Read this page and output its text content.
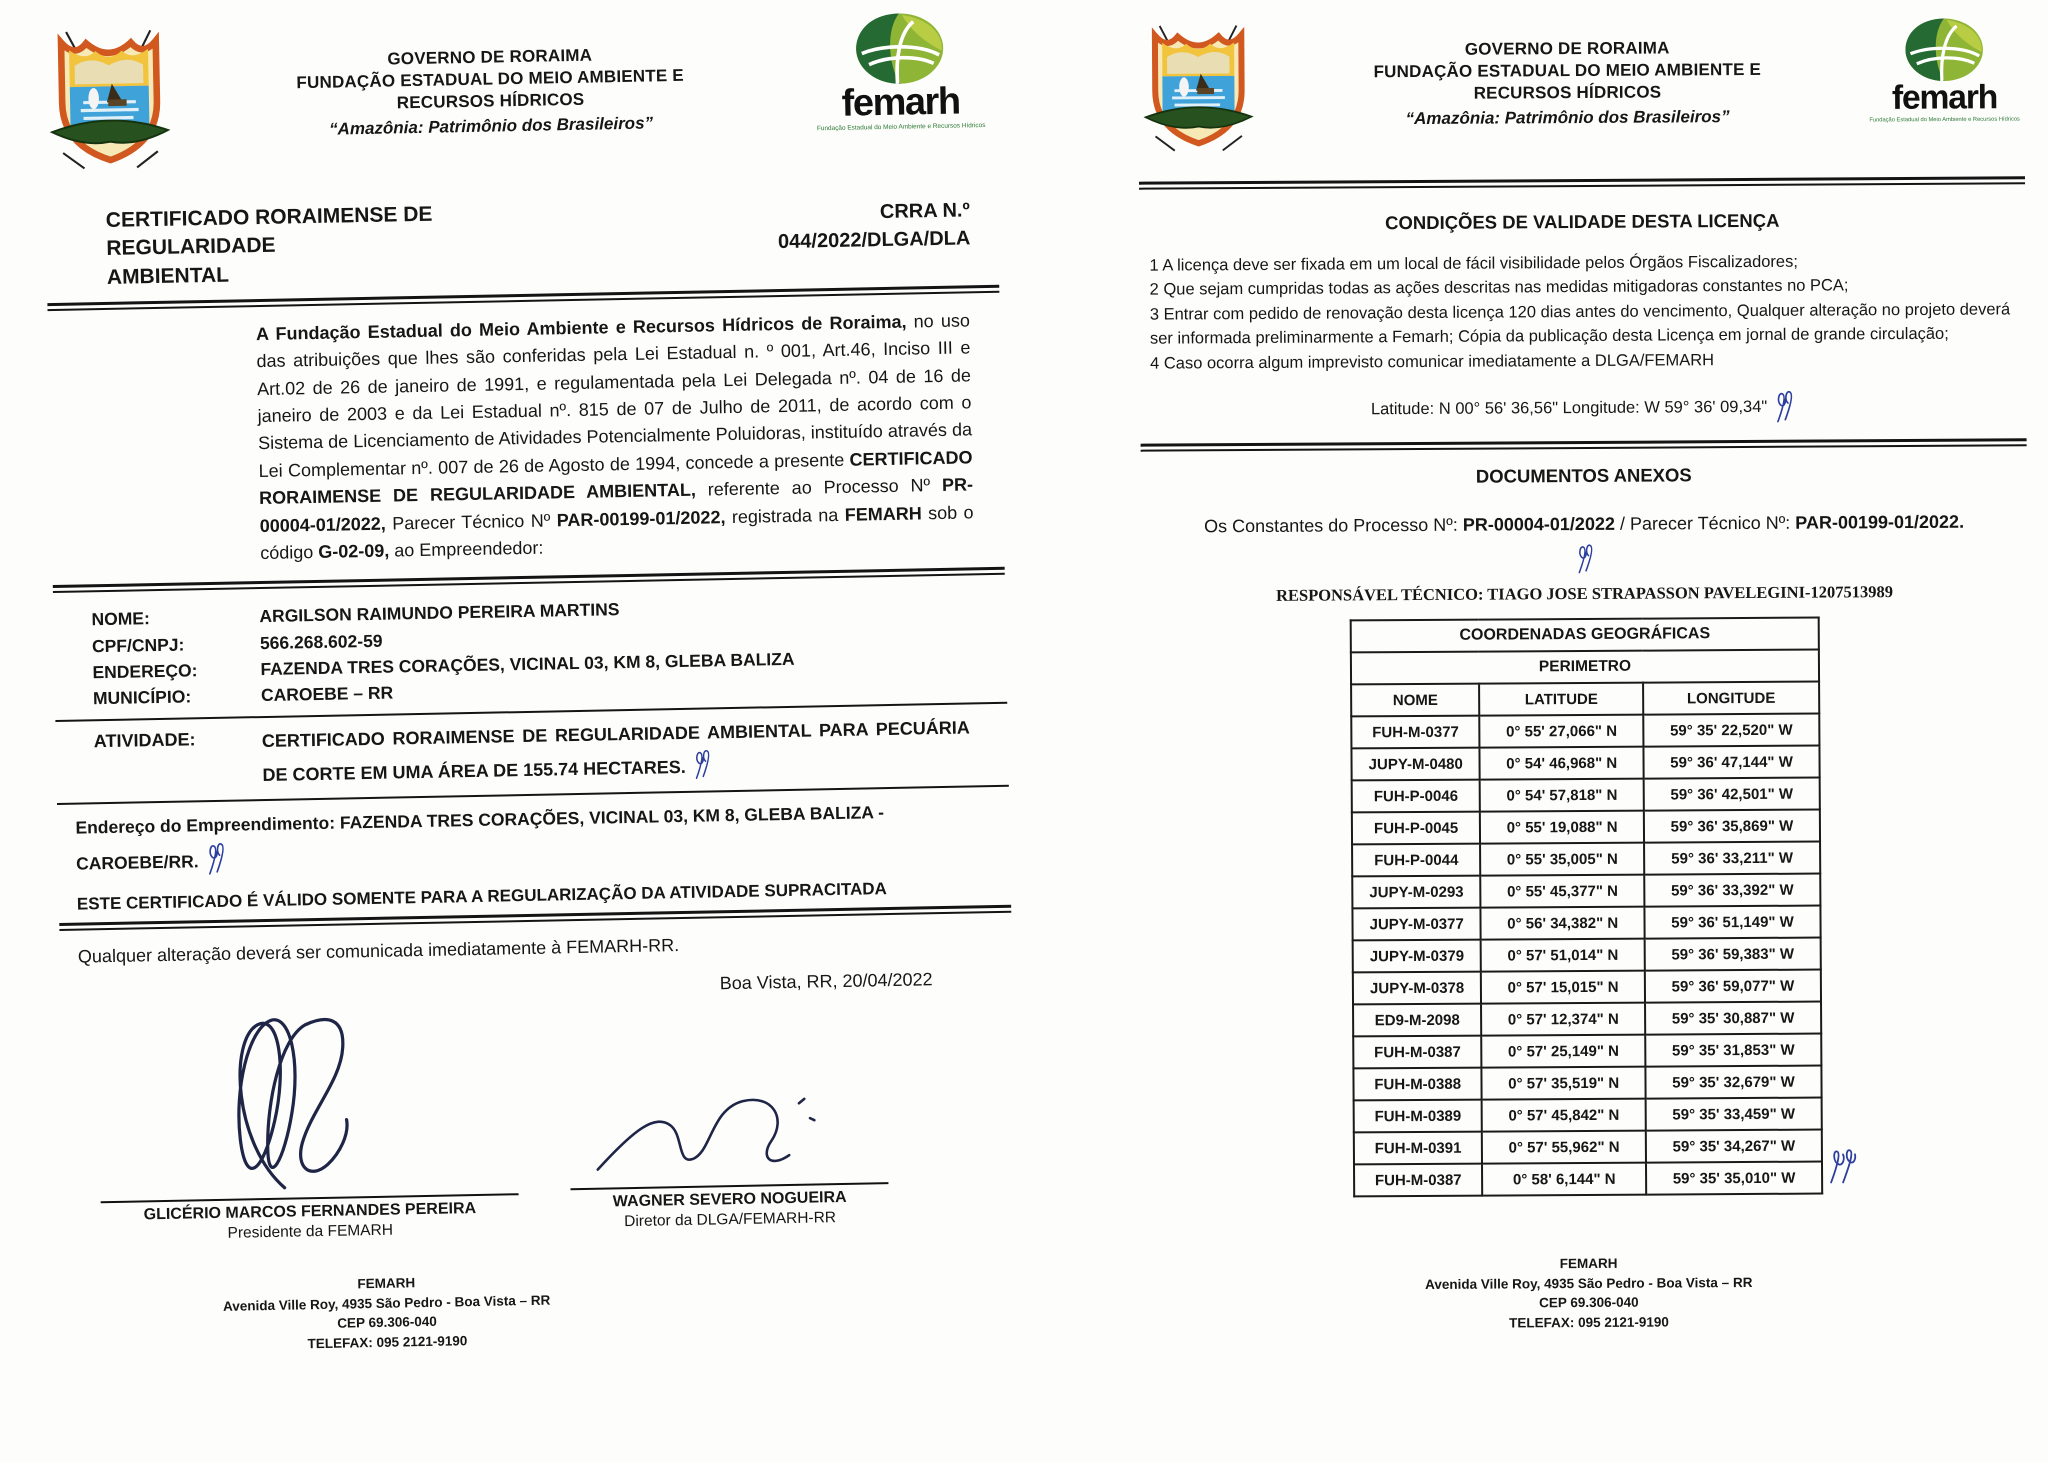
GOVERNO DE RORAIMA
FUNDAÇÃO ESTADUAL DO MEIO AMBIENTE E
RECURSOS HÍDRICOS
“Amazônia: Patrimônio dos Brasileiros”
femarh
Fundação Estadual do Meio Ambiente e Recursos Hídricos
CERTIFICADO RORAIMENSE DE
REGULARIDADE
AMBIENTAL
CRRA N.º
044/2022/DLGA/DLA

A Fundação Estadual do Meio Ambiente e Recursos Hídricos de Roraima, no uso das atribuições que lhes são conferidas pela Lei Estadual n. º 001, Art.46, Inciso III e Art.02 de 26 de janeiro de 1991, e regulamentada pela Lei Delegada nº. 04 de 16 de janeiro de 2003 e da Lei Estadual nº. 815 de 07 de Julho de 2011, de acordo com o Sistema de Licenciamento de Atividades Potencialmente Poluidoras, instituído através da Lei Complementar nº. 007 de 26 de Agosto de 1994, concede a presente CERTIFICADO RORAIMENSE DE REGULARIDADE AMBIENTAL, referente ao Processo Nº PR-00004-01/2022, Parecer Técnico Nº PAR-00199-01/2022, registrada na FEMARH sob o código G-02-09, ao Empreendedor:

NOME:	ARGILSON RAIMUNDO PEREIRA MARTINS
CPF/CNPJ:	566.268.602-59
ENDEREÇO:	FAZENDA TRES CORAÇÕES, VICINAL 03, KM 8, GLEBA BALIZA
MUNICÍPIO:	CAROEBE – RR
ATIVIDADE:	CERTIFICADO RORAIMENSE DE REGULARIDADE AMBIENTAL PARA PECUÁRIA DE CORTE EM UMA ÁREA DE 155.74 HECTARES.
Endereço do Empreendimento: FAZENDA TRES CORAÇÕES, VICINAL 03, KM 8, GLEBA BALIZA - CAROEBE/RR.
ESTE CERTIFICADO É VÁLIDO SOMENTE PARA A REGULARIZAÇÃO DA ATIVIDADE SUPRACITADA
Qualquer alteração deverá ser comunicada imediatamente à FEMARH-RR.
Boa Vista, RR, 20/04/2022
GLICÉRIO MARCOS FERNANDES PEREIRA
Presidente da FEMARH
WAGNER SEVERO NOGUEIRA
Diretor da DLGA/FEMARH-RR
FEMARH
Avenida Ville Roy, 4935 São Pedro - Boa Vista – RR
CEP 69.306-040
TELEFAX: 095 2121-9190
GOVERNO DE RORAIMA
FUNDAÇÃO ESTADUAL DO MEIO AMBIENTE E
RECURSOS HÍDRICOS
“Amazônia: Patrimônio dos Brasileiros”
femarh
Fundação Estadual do Meio Ambiente e Recursos Hídricos
CONDIÇÕES DE VALIDADE DESTA LICENÇA
1 A licença deve ser fixada em um local de fácil visibilidade pelos Órgãos Fiscalizadores;
2 Que sejam cumpridas todas as ações descritas nas medidas mitigadoras constantes no PCA;
3 Entrar com pedido de renovação desta licença 120 dias antes do vencimento, Qualquer alteração no projeto deverá ser informada preliminarmente a Femarh; Cópia da publicação desta Licença em jornal de grande circulação;
4 Caso ocorra algum imprevisto comunicar imediatamente a DLGA/FEMARH
Latitude: N 00° 56' 36,56" Longitude: W 59° 36' 09,34"
DOCUMENTOS ANEXOS
Os Constantes do Processo Nº: PR-00004-01/2022 / Parecer Técnico Nº: PAR-00199-01/2022.
RESPONSÁVEL TÉCNICO: TIAGO JOSE STRAPASSON PAVELEGINI-1207513989
COORDENADAS GEOGRÁFICAS		
PERIMETRO		
NOME	LATITUDE	LONGITUDE
FUH-M-0377	0° 55' 27,066" N	59° 35' 22,520" W
JUPY-M-0480	0° 54' 46,968" N	59° 36' 47,144" W
FUH-P-0046	0° 54' 57,818" N	59° 36' 42,501" W
FUH-P-0045	0° 55' 19,088" N	59° 36' 35,869" W
FUH-P-0044	0° 55' 35,005" N	59° 36' 33,211" W
JUPY-M-0293	0° 55' 45,377" N	59° 36' 33,392" W
JUPY-M-0377	0° 56' 34,382" N	59° 36' 51,149" W
JUPY-M-0379	0° 57' 51,014" N	59° 36' 59,383" W
JUPY-M-0378	0° 57' 15,015" N	59° 36' 59,077" W
ED9-M-2098	0° 57' 12,374" N	59° 35' 30,887" W
FUH-M-0387	0° 57' 25,149" N	59° 35' 31,853" W
FUH-M-0388	0° 57' 35,519" N	59° 35' 32,679" W
FUH-M-0389	0° 57' 45,842" N	59° 35' 33,459" W
FUH-M-0391	0° 57' 55,962" N	59° 35' 34,267" W
FUH-M-0387	0° 58' 6,144" N	59° 35' 35,010" W
FEMARH
Avenida Ville Roy, 4935 São Pedro - Boa Vista – RR
CEP 69.306-040
TELEFAX: 095 2121-9190
